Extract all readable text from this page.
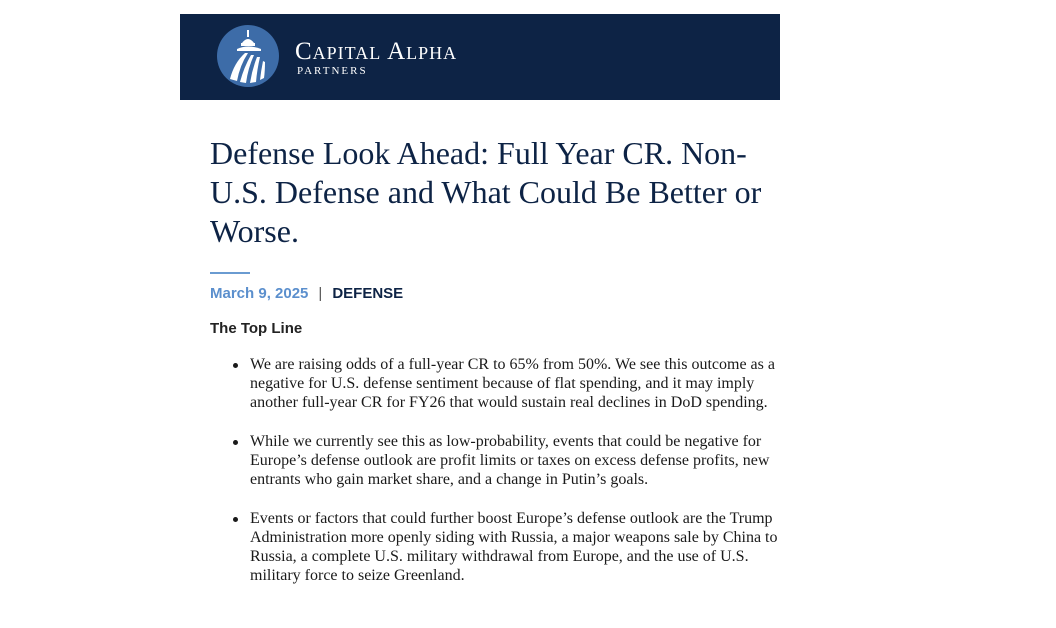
Capital Alpha
PARTNERS
Defense Look Ahead: Full Year CR. Non-U.S. Defense and What Could Be Better or Worse.
March 9, 2025 | DEFENSE
The Top Line
We are raising odds of a full-year CR to 65% from 50%. We see this outcome as a negative for U.S. defense sentiment because of flat spending, and it may imply another full-year CR for FY26 that would sustain real declines in DoD spending.
While we currently see this as low-probability, events that could be negative for Europe’s defense outlook are profit limits or taxes on excess defense profits, new entrants who gain market share, and a change in Putin’s goals.
Events or factors that could further boost Europe’s defense outlook are the Trump Administration more openly siding with Russia, a major weapons sale by China to Russia, a complete U.S. military withdrawal from Europe, and the use of U.S. military force to seize Greenland.
